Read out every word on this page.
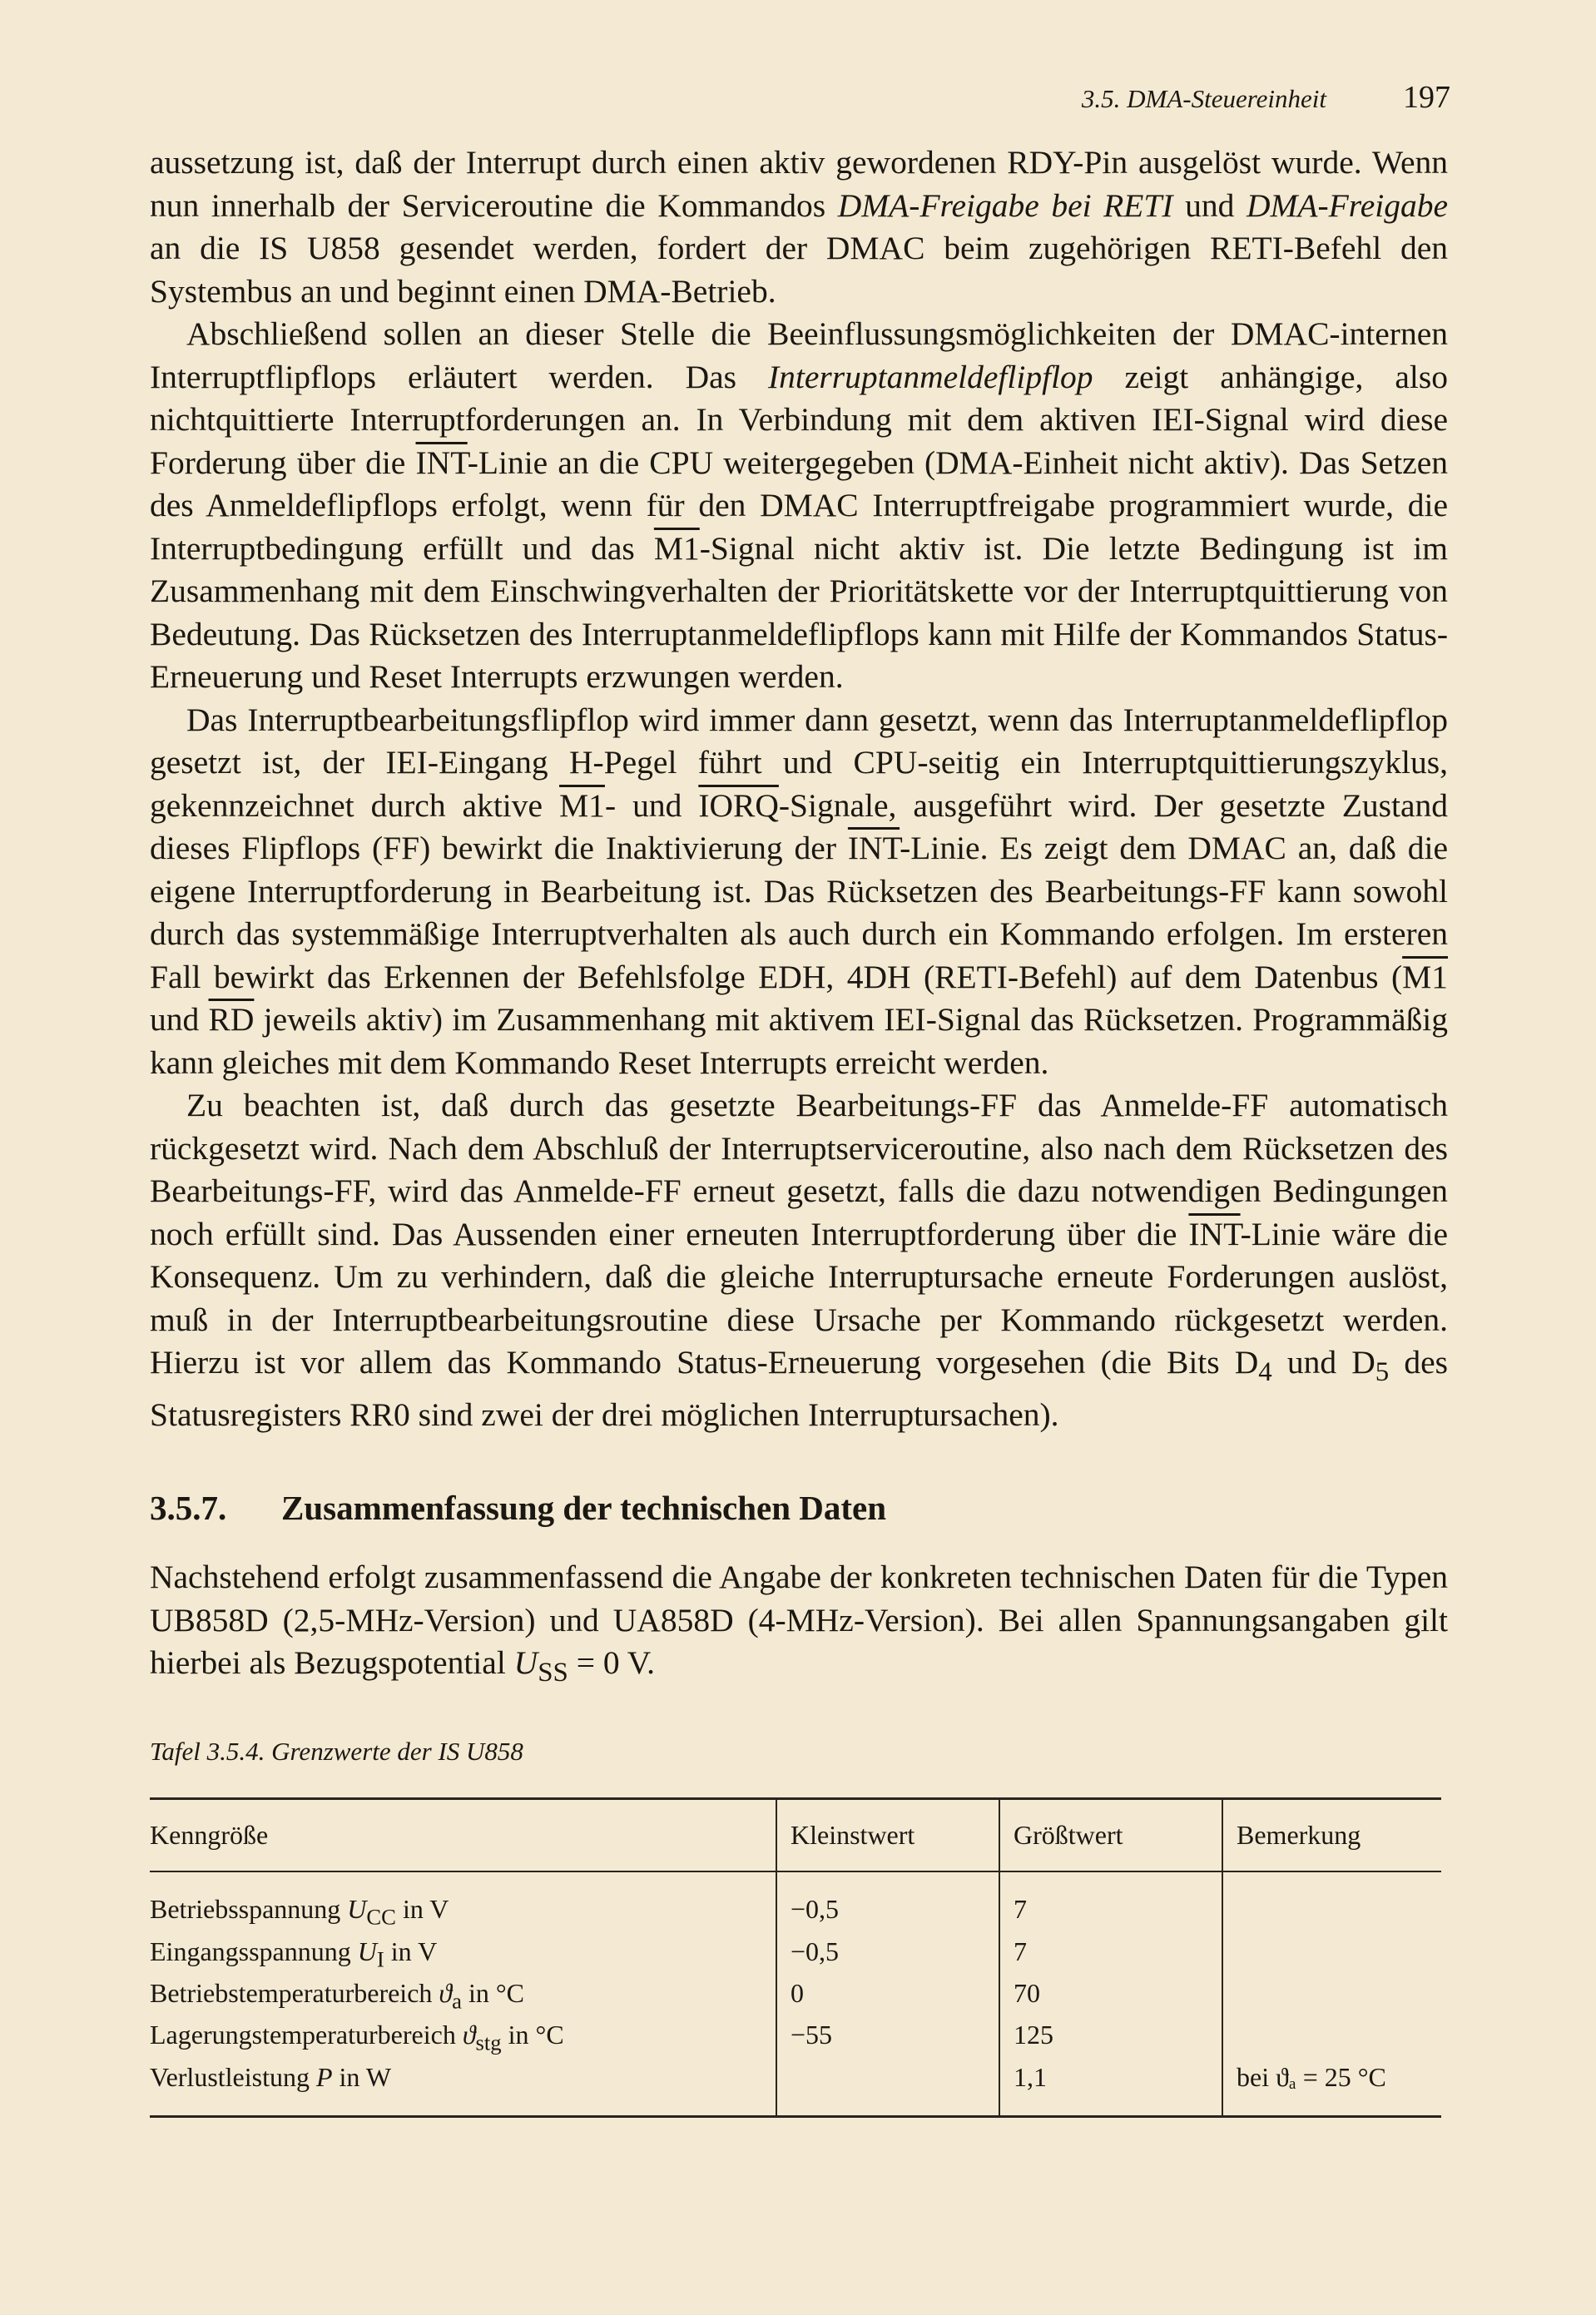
3.5. DMA-Steuereinheit 197

aussetzung ist, daß der Interrupt durch einen aktiv gewordenen RDY-Pin ausgelöst wurde. Wenn nun innerhalb der Serviceroutine die Kommandos DMA-Freigabe bei RETI und DMA-Freigabe an die IS U858 gesendet werden, fordert der DMAC beim zugehörigen RETI-Befehl den Systembus an und beginnt einen DMA-Betrieb.

Abschließend sollen an dieser Stelle die Beeinflussungsmöglichkeiten der DMAC-internen Interruptflipflops erläutert werden. Das Interruptanmeldeflipflop zeigt anhängige, also nichtquittierte Interruptforderungen an. In Verbindung mit dem aktiven IEI-Signal wird diese Forderung über die $\overline{INT}$-Linie an die CPU weitergegeben (DMA-Einheit nicht aktiv). Das Setzen des Anmeldeflipflops erfolgt, wenn für den DMAC Interruptfreigabe programmiert wurde, die Interruptbedingung erfüllt und das M1-Signal nicht aktiv ist. Die letzte Bedingung ist im Zusammenhang mit dem Einschwingverhalten der Prioritätskette vor der Interruptquittierung von Bedeutung. Das Rücksetzen des Interruptanmeldeflipflops kann mit Hilfe der Kommandos Status-Erneuerung und Reset Interrupts erzwungen werden.

Das Interruptbearbeitungsflipflop wird immer dann gesetzt, wenn das Interruptanmeldeflipflop gesetzt ist, der IEI-Eingang H-Pegel führt und CPU-seitig ein Interruptquittierungszyklus, gekennzeichnet durch aktive M1- und IORQ-Signale, ausgeführt wird. Der gesetzte Zustand dieses Flipflops (FF) bewirkt die Inaktivierung der $\overline{INT}$-Linie. Es zeigt dem DMAC an, daß die eigene Interruptforderung in Bearbeitung ist. Das Rücksetzen des Bearbeitungs-FF kann sowohl durch das systemmäßige Interruptverhalten als auch durch ein Kommando erfolgen. Im ersteren Fall bewirkt das Erkennen der Befehlsfolge EDH, 4DH (RETI-Befehl) auf dem Datenbus (M1 und $\overline{RD}$ jeweils aktiv) im Zusammenhang mit aktivem IEI-Signal das Rücksetzen. Programmäßig kann gleiches mit dem Kommando Reset Interrupts erreicht werden.

Zu beachten ist, daß durch das gesetzte Bearbeitungs-FF das Anmelde-FF automatisch rückgesetzt wird. Nach dem Abschluß der Interruptserviceroutine, also nach dem Rücksetzen des Bearbeitungs-FF, wird das Anmelde-FF erneut gesetzt, falls die dazu notwendigen Bedingungen noch erfüllt sind. Das Aussenden einer erneuten Interruptforderung über die $\overline{INT}$-Linie wäre die Konsequenz. Um zu verhindern, daß die gleiche Interruptursache erneute Forderungen auslöst, muß in der Interruptbearbeitungsroutine diese Ursache per Kommando rückgesetzt werden. Hierzu ist vor allem das Kommando Status-Erneuerung vorgesehen (die Bits $D_4$ und $D_5$ des Statusregisters RR0 sind zwei der drei möglichen Interruptursachen).

3.5.7. Zusammenfassung der technischen Daten

Nachstehend erfolgt zusammenfassend die Angabe der konkreten technischen Daten für die Typen UB858D (2,5-MHz-Version) und UA858D (4-MHz-Version). Bei allen Spannungsangaben gilt hierbei als Bezugspotential $U_{SS} = 0$ V.

Tafel 3.5.4. Grenzwerte der IS U858
Kenngröße	Kleinstwert	Größtwert	Bemerkung
Betriebsspannung $U_{CC}$ in V	−0,5	7	
Eingangsspannung $U_I$ in V	−0,5	7	
Betriebstemperaturbereich $ϑ_a$ in °C	0	70	
Lagerungstemperaturbereich $ϑ_{stg}$ in °C	−55	125	
Verlustleistung P in W		1,1	bei ϑₐ = 25 °C
